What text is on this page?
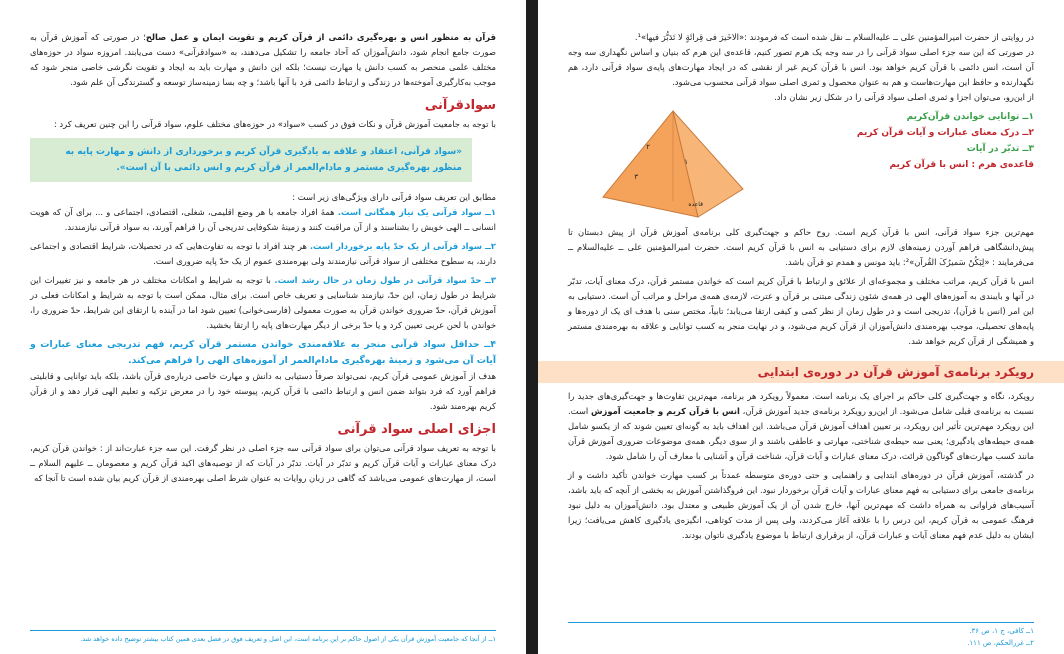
قرآن به منظور انس و بهره‌گیری دائمی از قرآن کریم و تقویت ایمان و عمل صالح؛ در صورتی که آموزش قرآن به صورت جامع انجام شود، دانش‌آموزان که آحاد جامعه را تشکیل می‌دهند، به «سوادقرآنی» دست می‌یابند. امروزه سواد در حوزه‌های مختلف علمی منحصر به کسب دانش یا مهارت نیست؛ بلکه این دانش و مهارت باید به ایجاد و تقویت نگرشی خاصی منجر شود که موجب به‌کارگیری آموخته‌ها در زندگی و ارتباط دائمی فرد با آنها باشد؛ و چه بسا زمینه‌ساز توسعه و گسترندگی آن علم شود.

سوادقرآنی

با توجه به جامعیت آموزش قرآن و نکات فوق در کسب «سواد» در حوزه‌های مختلف علوم، سواد قرآنی را این چنین تعریف کرد :

«سواد قرآنی، اعتقاد و علاقه به یادگیری قرآن کریم و برخورداری از دانش و مهارت پایه به منظور بهره‌گیری مستمر و مادام‌العمر از قرآن کریم و انس دائمی با آن است».

مطابق این تعریف سواد قرآنی دارای ویژگی‌های زیر است :

۱ــ سواد قرآنی یک نیاز همگانی است. همهٔ افراد جامعه با هر وضع اقلیمی، شغلی، اقتصادی، اجتماعی و ... برای آن که هویت انسانی ــ الهی خویش را بشناسند و از آن مراقبت کنند و زمینهٔ شکوفایی تدریجی آن را فراهم آورند، به سواد قرآنی نیازمندند.

۲ــ سواد قرآنی از یک حدّ پایه برخوردار است. هر چند افراد با توجه به تفاوت‌هایی که در تحصیلات، شرایط اقتصادی و اجتماعی دارند، به سطوح مختلفی از سواد قرآنی نیازمندند ولی بهره‌مندی عموم از یک حدّ پایه ضروری است.

۳ــ حدّ سواد قرآنی در طول زمان در حال رشد است. با توجه به شرایط و امکانات مختلف در هر جامعه و نیز تغییرات این شرایط در طول زمان، این حدّ، نیازمند شناسایی و تعریف خاص است. برای مثال، ممکن است با توجه به شرایط و امکانات فعلی در آموزش قرآن، حدّ ضروری خواندن قرآن به صورت معمولی (فارسی‌خوانی) تعیین شود اما در آینده با ارتقای این شرایط، حدّ ضروری را، خواندن با لحن عربی تعیین کرد و یا حدّ برخی از دیگر مهارت‌های پایه را ارتقا بخشید.

۴ــ حداقل سواد قرآنی منجر به علاقه‌مندی خواندن مستمر قرآن کریم، فهم تدریجی معنای عبارات و آیات آن می‌شود و زمینهٔ بهره‌گیری مادام‌العمر از آموزه‌های الهی را فراهم می‌کند.

هدف از آموزش عمومی قرآن کریم، نمی‌تواند صرفاً دستیابی به دانش و مهارت خاصی درباره‌ی قرآن باشد، بلکه باید توانایی و قابلیتی فراهم آورد که فرد بتواند ضمن انس و ارتباط دائمی با قرآن کریم، پیوسته خود را در معرض تزکیه و تعلیم الهی قرار دهد و از قرآن کریم بهره‌مند شود.

اجزای اصلی سواد قرآنی

با توجه به تعریف سواد قرآنی می‌توان برای سواد قرآنی سه جزء اصلی در نظر گرفت. این سه جزء عبارت‌اند از : خواندن قرآن کریم، درک معنای عبارات و آیات قرآن کریم و تدبّر در آیات. تدبّر در آیات که از توصیه‌های اکید قرآن کریم و معصومان ــ علیهم السلام ــ است، از مهارت‌های عمومی می‌باشد که گاهی در زبان روایات به عنوان شرط اصلی بهره‌مندی از قرآن کریم بیان شده است تا آنجا که

۱ــ از آنجا که جامعیت آموزش قرآن یکی از اصول حاکم بر این برنامه است، این اصل و تعریف فوق در فصل بعدی همین کتاب بیشتر توضیح داده خواهد شد.

در روایتی از حضرت امیرالمؤمنین علی ــ علیه‌السلام ــ نقل شده است که فرمودند :«الاخَیرَ فی قِرائَةٍ لا تَدَبُّرَ فیها»¹.

در صورتی که این سه جزء اصلی سواد قرآنی را در سه وجه یک هرم تصور کنیم، قاعده‌ی این هرم که بنیان و اساس نگهداری سه وجه آن است، انس دائمی با قرآن کریم خواهد بود. انس با قرآن کریم غیر از نقشی که در ایجاد مهارت‌های پایه‌ی سواد قرآنی دارد، هم نگهدارنده و حافظ این مهارت‌هاست و هم به عنوان محصول و ثمری اصلی سواد قرآنی محسوب می‌شود.

از این‌رو، می‌توان اجزا و ثمری اصلی سواد قرآنی را در شکل زیر نشان داد.

۱ــ توانایی خواندن قرآن‌کریم
۲ــ درک معنای عبارات و آیات قرآن کریم
۳ــ تدبّر در آیات
قاعده‌ی هرم : انس با قرآن کریم
۲
۱
۳
قاعده

مهم‌ترین جزء سواد قرآنی، انس با قرآن کریم است. روح حاکم و جهت‌گیری کلی برنامه‌ی آموزش قرآن از پیش دبستان تا پیش‌دانشگاهی فراهم آوردن زمینه‌های لازم برای دستیابی به انس با قرآن کریم است. حضرت امیرالمؤمنین علی ــ علیه‌السلام ــ می‌فرمایند : «لِیَکُنْ سَمیرُکَ القُرآن»²: باید مونس و همدم تو قرآن باشد.

انس با قرآن کریم، مراتب مختلف و مجموعه‌ای از علائق و ارتباط با قرآن کریم است که خواندن مستمر قرآن، درک معنای آیات، تدبّر در آنها و بایبندی به آموزه‌های الهی در همه‌ی شئون زندگی مبتنی بر قرآن و عترت، لازمه‌ی همه‌ی مراحل و مراتب آن است. دستیابی به این امر (انس با قرآن)، تدریجی است و در طول زمان از نظر کمی و کیفی ارتقا می‌یابد؛ تابیاً، مختص سنی با هدف ای یک از دوره‌ها و پایه‌های تحصیلی، موجب بهره‌مندی دانش‌آموزان از قرآن کریم می‌شود، و در نهایت منجر به کسب توانایی و علاقه به بهره‌مندی مستمر و همیشگی از قرآن کریم خواهد شد.

رویکرد برنامه‌ی آموزش قرآن در دوره‌ی ابتدایی

رویکرد، نگاه و جهت‌گیری کلی حاکم بر اجرای یک برنامه است. معمولاً رویکرد هر برنامه، مهم‌ترین تفاوت‌ها و جهت‌گیری‌های جدید را نسبت به برنامه‌ی قبلی شامل می‌شود. از این‌رو رویکرد برنامه‌ی جدید آموزش قرآن، انس با قرآن کریم و جامعیت آموزش است. این رویکرد مهم‌ترین تأثیر این رویکرد، بر تعیین اهداف آموزش قرآن می‌باشد. این اهداف باید به گونه‌ای تعیین شوند که از یکسو شامل همه‌ی حیطه‌های یادگیری؛ یعنی سه حیطه‌ی شناختی، مهارتی و عاطفی باشند و از سوی دیگر، همه‌ی موضوعات ضروری آموزش قرآن مانند کسب مهارت‌های گوناگون قرائت، درک معنای عبارات و آیات قرآن، شناخت قرآن و آشنایی با معارف آن را شامل شود.

در گذشته، آموزش قرآن در دوره‌های ابتدایی و راهنمایی و حتی دوره‌ی متوسطه عمدتاً بر کسب مهارت خواندن تأکید داشت و از برنامه‌ی جامعی برای دستیابی به فهم معنای عبارات و آیات قرآن برخوردار نبود. این فروگذاشتن آموزش به بخشی از آنچه که باید باشد، آسیب‌های فراوانی به همراه داشت که مهم‌ترین آنها، خارج شدن آن از یک آموزش طبیعی و معتدل بود. دانش‌آموزان به دلیل نبود فرهنگ عمومی به قرآن کریم، این درس را با علاقه آغاز می‌کردند، ولی پس از مدت کوتاهی، انگیزه‌ی یادگیری کاهش می‌یافت؛ زیرا ایشان به دلیل عدم فهم معنای آیات و عبارات قرآن، از برقراری ارتباط با موضوع یادگیری ناتوان بودند.

۱ــ کافی، ج ۱، ص ۳۶.
۲ــ غررالحکم، ص ۱۱۱.
